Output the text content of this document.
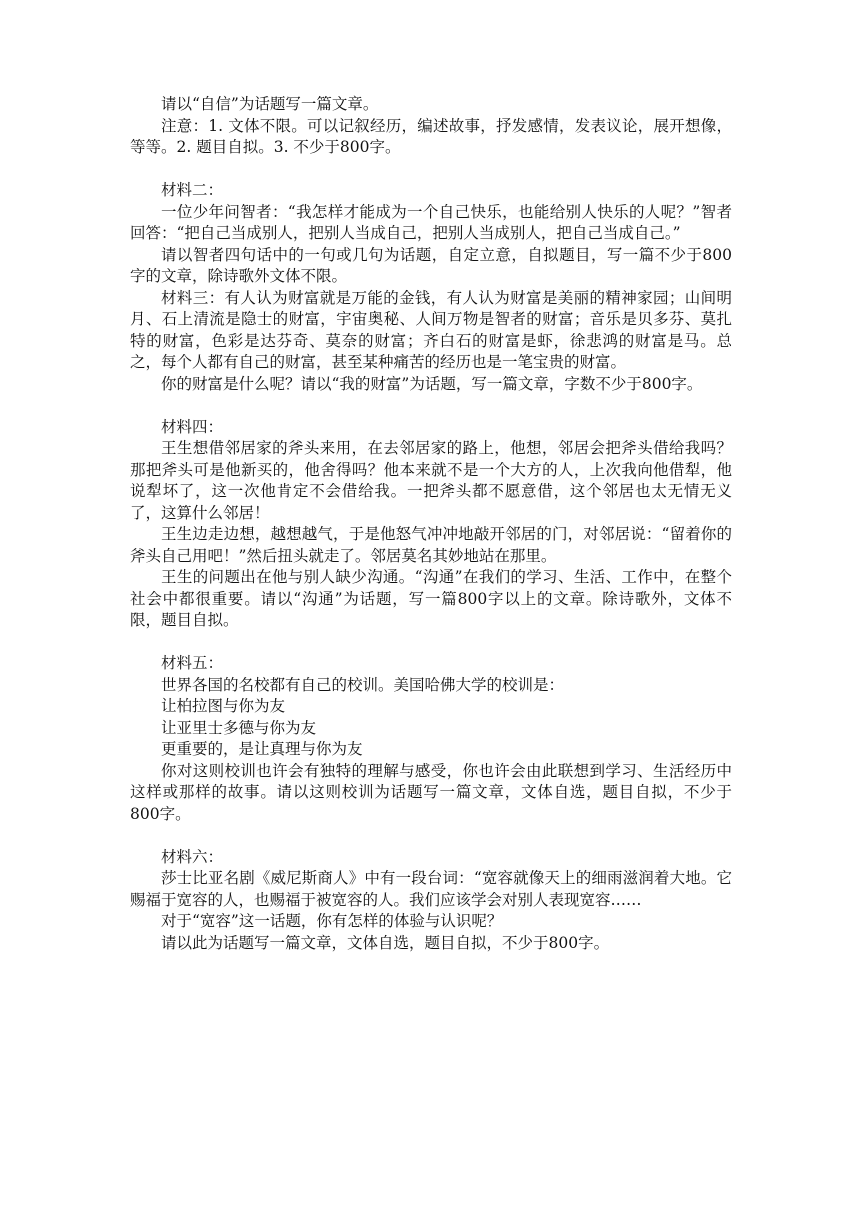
请以“自信”为话题写一篇文章。

注意：1. 文体不限。可以记叙经历，编述故事，抒发感情，发表议论，展开想像，等等。2. 题目自拟。3. 不少于800字。

材料二：

一位少年问智者：“我怎样才能成为一个自己快乐，也能给别人快乐的人呢？”智者回答：“把自己当成别人，把别人当成自己，把别人当成别人，把自己当成自己。”

请以智者四句话中的一句或几句为话题，自定立意，自拟题目，写一篇不少于800字的文章，除诗歌外文体不限。

材料三：有人认为财富就是万能的金钱，有人认为财富是美丽的精神家园；山间明月、石上清流是隐士的财富，宇宙奥秘、人间万物是智者的财富；音乐是贝多芬、莫扎特的财富，色彩是达芬奇、莫奈的财富；齐白石的财富是虾，徐悲鸿的财富是马。总之，每个人都有自己的财富，甚至某种痛苦的经历也是一笔宝贵的财富。

你的财富是什么呢？请以“我的财富”为话题，写一篇文章，字数不少于800字。

材料四：

王生想借邻居家的斧头来用，在去邻居家的路上，他想，邻居会把斧头借给我吗？那把斧头可是他新买的，他舍得吗？他本来就不是一个大方的人，上次我向他借犁，他说犁坏了，这一次他肯定不会借给我。一把斧头都不愿意借，这个邻居也太无情无义了，这算什么邻居！

王生边走边想，越想越气，于是他怒气冲冲地敲开邻居的门，对邻居说：“留着你的斧头自己用吧！”然后扭头就走了。邻居莫名其妙地站在那里。

王生的问题出在他与别人缺少沟通。“沟通”在我们的学习、生活、工作中，在整个社会中都很重要。请以“沟通”为话题，写一篇800字以上的文章。除诗歌外，文体不限，题目自拟。

材料五：

世界各国的名校都有自己的校训。美国哈佛大学的校训是：

让柏拉图与你为友

让亚里士多德与你为友

更重要的，是让真理与你为友

你对这则校训也许会有独特的理解与感受，你也许会由此联想到学习、生活经历中这样或那样的故事。请以这则校训为话题写一篇文章，文体自选，题目自拟，不少于800字。

材料六：

莎士比亚名剧《威尼斯商人》中有一段台词：“宽容就像天上的细雨滋润着大地。它赐福于宽容的人，也赐福于被宽容的人。我们应该学会对别人表现宽容……

对于“宽容”这一话题，你有怎样的体验与认识呢？

请以此为话题写一篇文章，文体自选，题目自拟，不少于800字。
